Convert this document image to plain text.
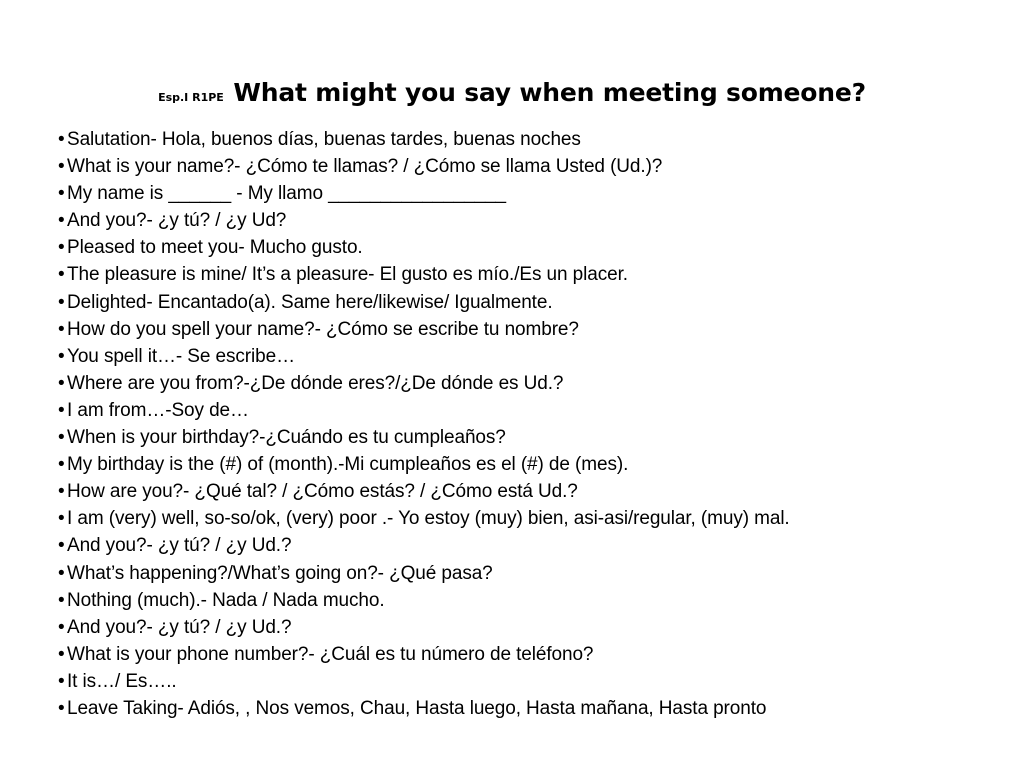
Esp.I R1PE What might you say when meeting someone?
• Salutation- Hola, buenos días, buenas tardes, buenas noches
• What is your name?- ¿Cómo te llamas? / ¿Cómo se llama Usted (Ud.)?
• My name is ______ - My llamo _________________
• And you?- ¿y tú? / ¿y Ud?
• Pleased to meet you- Mucho gusto.
• The pleasure is mine/ It’s a pleasure- El gusto es mío./Es un placer.
• Delighted- Encantado(a). Same here/likewise/ Igualmente.
• How do you spell your name?- ¿Cómo se escribe tu nombre?
• You spell it…- Se escribe…
• Where are you from?-¿De dónde eres?/¿De dónde es Ud.?
• I am from…-Soy de…
• When is your birthday?-¿Cuándo es tu cumpleaños?
• My birthday is the (#) of (month).-Mi cumpleaños es el (#) de (mes).
• How are you?- ¿Qué tal? / ¿Cómo estás? / ¿Cómo está Ud.?
• I am (very) well, so-so/ok, (very) poor .- Yo estoy (muy) bien, asi-asi/regular, (muy) mal.
• And you?- ¿y tú? / ¿y Ud.?
• What’s happening?/What’s going on?- ¿Qué pasa?
• Nothing (much).- Nada / Nada mucho.
• And you?- ¿y tú? / ¿y Ud.?
• What is your phone number?- ¿Cuál es tu número de teléfono?
• It is…/ Es…..
• Leave Taking- Adiós, , Nos vemos, Chau, Hasta luego, Hasta mañana, Hasta pronto
